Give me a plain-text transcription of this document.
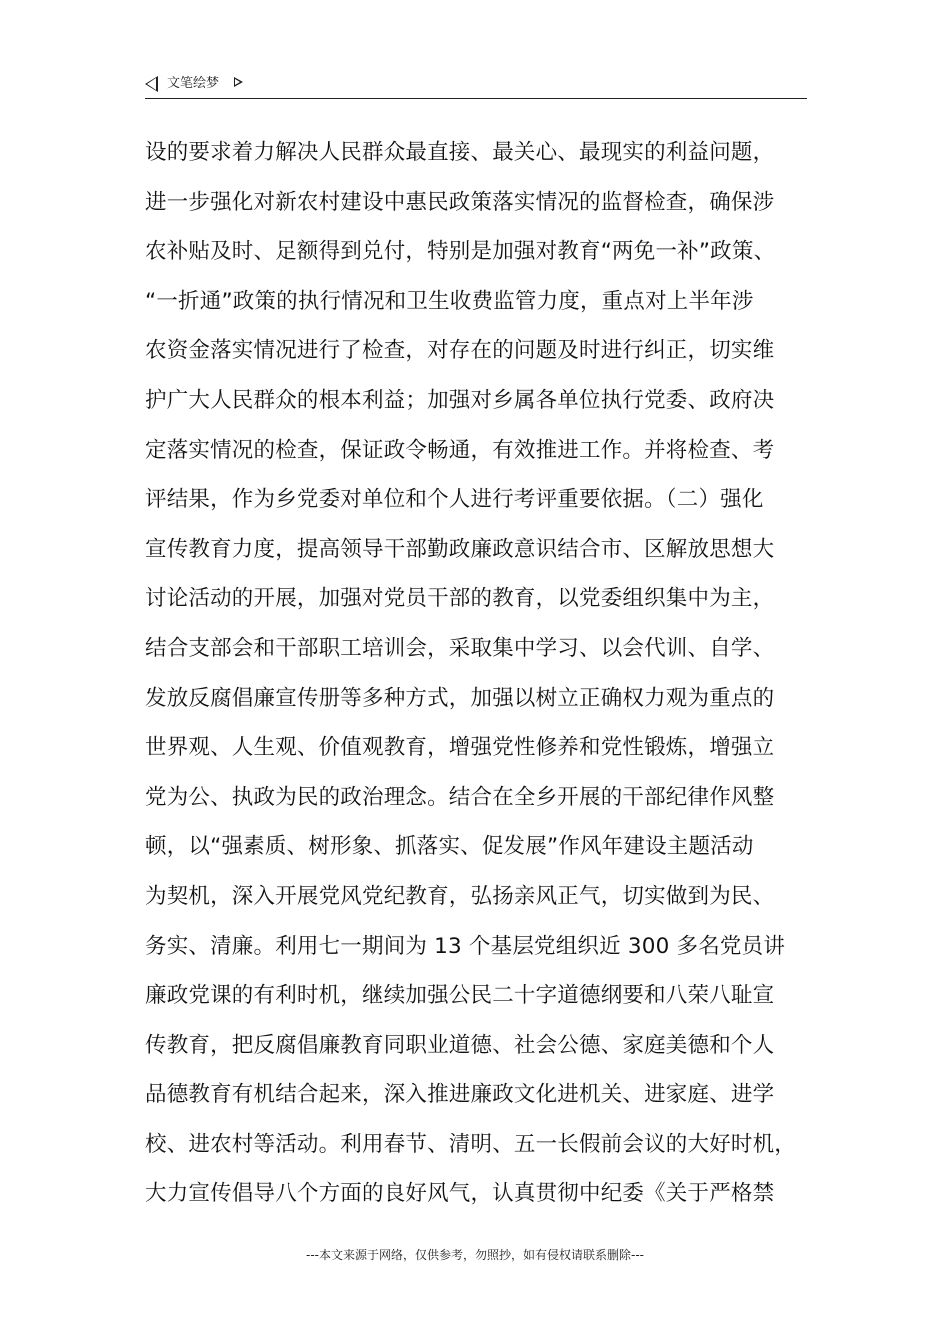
文笔绘梦
设的要求着力解决人民群众最直接、最关心、最现实的利益问题，
进一步强化对新农村建设中惠民政策落实情况的监督检查，确保涉
农补贴及时、足额得到兑付，特别是加强对教育“两免一补”政策、
“一折通”政策的执行情况和卫生收费监管力度，重点对上半年涉
农资金落实情况进行了检查，对存在的问题及时进行纠正，切实维
护广大人民群众的根本利益；加强对乡属各单位执行党委、政府决
定落实情况的检查，保证政令畅通，有效推进工作。并将检查、考
评结果，作为乡党委对单位和个人进行考评重要依据。（二）强化
宣传教育力度，提高领导干部勤政廉政意识结合市、区解放思想大
讨论活动的开展，加强对党员干部的教育，以党委组织集中为主，
结合支部会和干部职工培训会，采取集中学习、以会代训、自学、
发放反腐倡廉宣传册等多种方式，加强以树立正确权力观为重点的
世界观、人生观、价值观教育，增强党性修养和党性锻炼，增强立
党为公、执政为民的政治理念。结合在全乡开展的干部纪律作风整
顿，以“强素质、树形象、抓落实、促发展”作风年建设主题活动
为契机，深入开展党风党纪教育，弘扬亲风正气，切实做到为民、
务实、清廉。利用七一期间为 13 个基层党组织近 300 多名党员讲
廉政党课的有利时机，继续加强公民二十字道德纲要和八荣八耻宣
传教育，把反腐倡廉教育同职业道德、社会公德、家庭美德和个人
品德教育有机结合起来，深入推进廉政文化进机关、进家庭、进学
校、进农村等活动。利用春节、清明、五一长假前会议的大好时机，
大力宣传倡导八个方面的良好风气，认真贯彻中纪委《关于严格禁
---本文来源于网络，仅供参考，勿照抄，如有侵权请联系删除---
